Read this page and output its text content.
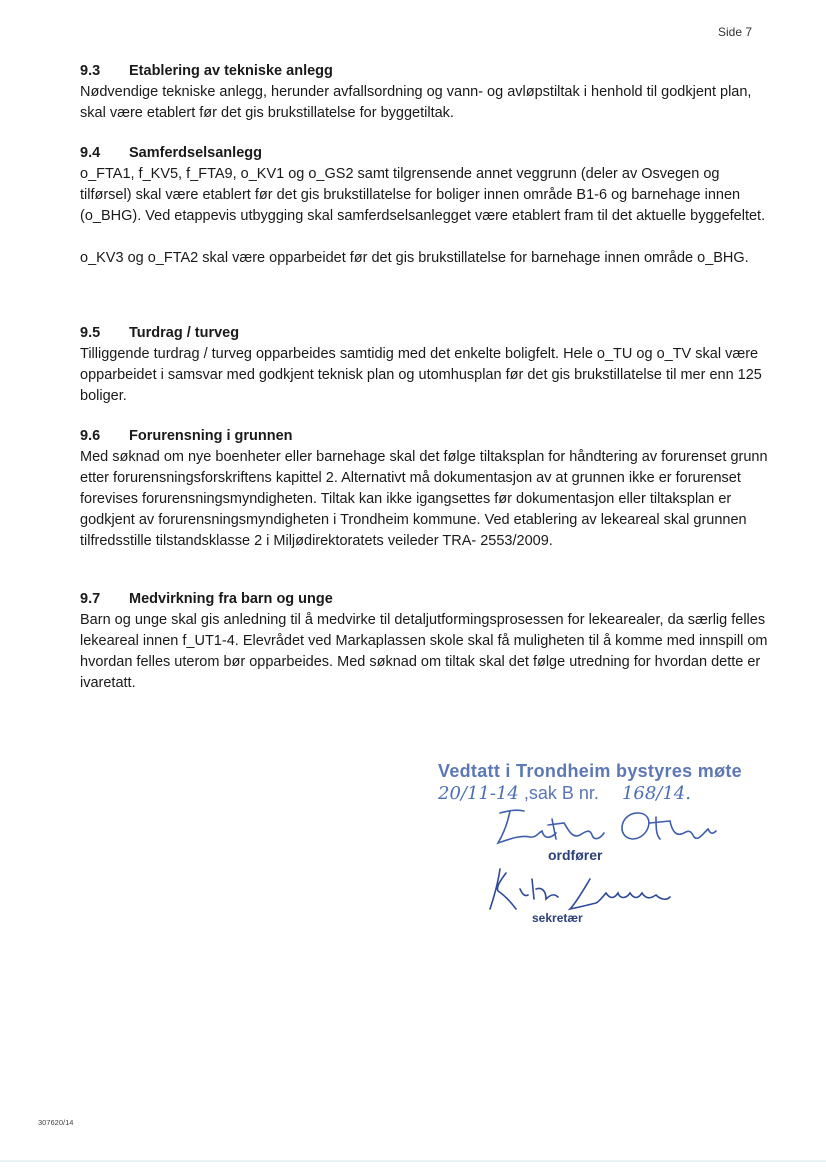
Side 7
9.3 Etablering av tekniske anlegg

Nødvendige tekniske anlegg, herunder avfallsordning og vann- og avløpstiltak i henhold til godkjent plan, skal være etablert før det gis brukstillatelse for byggetiltak.

9.4 Samferdselsanlegg

o_FTA1, f_KV5, f_FTA9, o_KV1 og o_GS2 samt tilgrensende annet veggrunn (deler av Osvegen og tilførsel) skal være etablert før det gis brukstillatelse for boliger innen område B1-6 og barnehage innen (o_BHG). Ved etappevis utbygging skal samferdselsanlegget være etablert fram til det aktuelle byggefeltet.

o_KV3 og o_FTA2 skal være opparbeidet før det gis brukstillatelse for barnehage innen område o_BHG.

9.5 Turdrag / turveg

Tilliggende turdrag / turveg opparbeides samtidig med det enkelte boligfelt. Hele o_TU og o_TV skal være opparbeidet i samsvar med godkjent teknisk plan og utomhusplan før det gis brukstillatelse til mer enn 125 boliger.

9.6 Forurensning i grunnen

Med søknad om nye boenheter eller barnehage skal det følge tiltaksplan for håndtering av forurenset grunn etter forurensningsforskriftens kapittel 2. Alternativt må dokumentasjon av at grunnen ikke er forurenset forevises forurensningsmyndigheten. Tiltak kan ikke igangsettes før dokumentasjon eller tiltaksplan er godkjent av forurensningsmyndigheten i Trondheim kommune. Ved etablering av lekeareal skal grunnen tilfredsstille tilstandsklasse 2 i Miljødirektoratets veileder TRA- 2553/2009.

9.7 Medvirkning fra barn og unge

Barn og unge skal gis anledning til å medvirke til detaljutformingsprosessen for lekearealer, da særlig felles lekeareal innen f_UT1-4. Elevrådet ved Markaplassen skole skal få muligheten til å komme med innspill om hvordan felles uterom bør opparbeides. Med søknad om tiltak skal det følge utredning for hvordan dette er ivaretatt.

Vedtatt i Trondheim bystyres møte
20/11-14 ,sak B nr. 168/14.
ordfører
sekretær
307620/14
